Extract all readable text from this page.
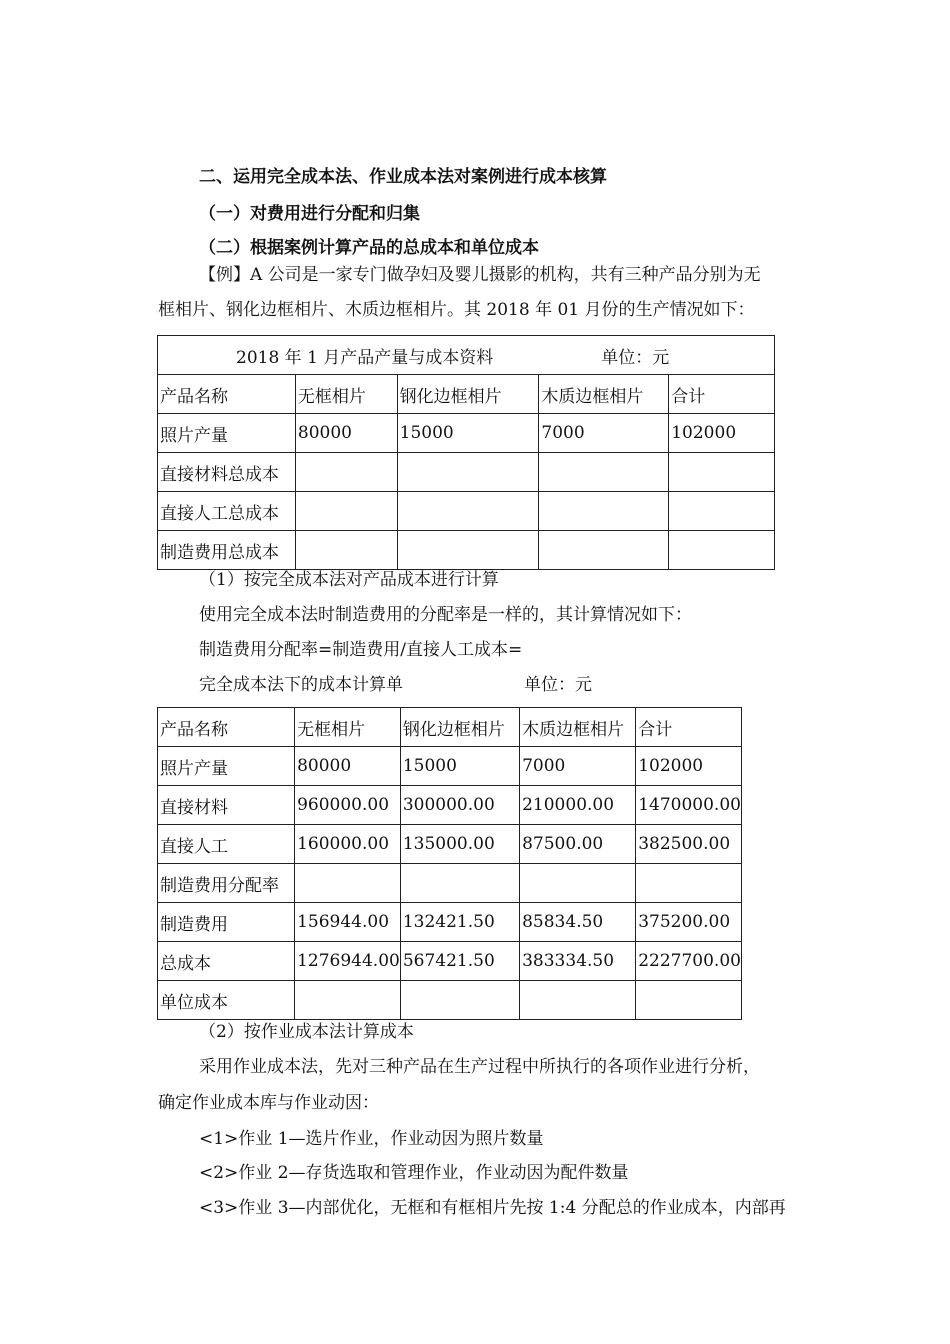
二、运用完全成本法、作业成本法对案例进行成本核算
（一）对费用进行分配和归集
（二）根据案例计算产品的总成本和单位成本
【例】A 公司是一家专门做孕妇及婴儿摄影的机构，共有三种产品分别为无
框相片、钢化边框相片、木质边框相片。其 2018 年 01 月份的生产情况如下：
2018 年 1 月产品产量与成本资料 单位：元				
产品名称	无框相片	钢化边框相片	木质边框相片	合计
照片产量	80000	15000	7000	102000
直接材料总成本				
直接人工总成本				
制造费用总成本				
（1）按完全成本法对产品成本进行计算
使用完全成本法时制造费用的分配率是一样的，其计算情况如下：
制造费用分配率=制造费用/直接人工成本=
完全成本法下的成本计算单	单位：元
产品名称	无框相片	钢化边框相片	木质边框相片	合计
照片产量	80000	15000	7000	102000
直接材料	960000.00	300000.00	210000.00	1470000.00
直接人工	160000.00	135000.00	87500.00	382500.00
制造费用分配率				
制造费用	156944.00	132421.50	85834.50	375200.00
总成本	1276944.00	567421.50	383334.50	2227700.00
单位成本				
（2）按作业成本法计算成本
采用作业成本法，先对三种产品在生产过程中所执行的各项作业进行分析，
确定作业成本库与作业动因：
<1>作业 1—选片作业，作业动因为照片数量
<2>作业 2—存货选取和管理作业，作业动因为配件数量
<3>作业 3—内部优化，无框和有框相片先按 1:4 分配总的作业成本，内部再
